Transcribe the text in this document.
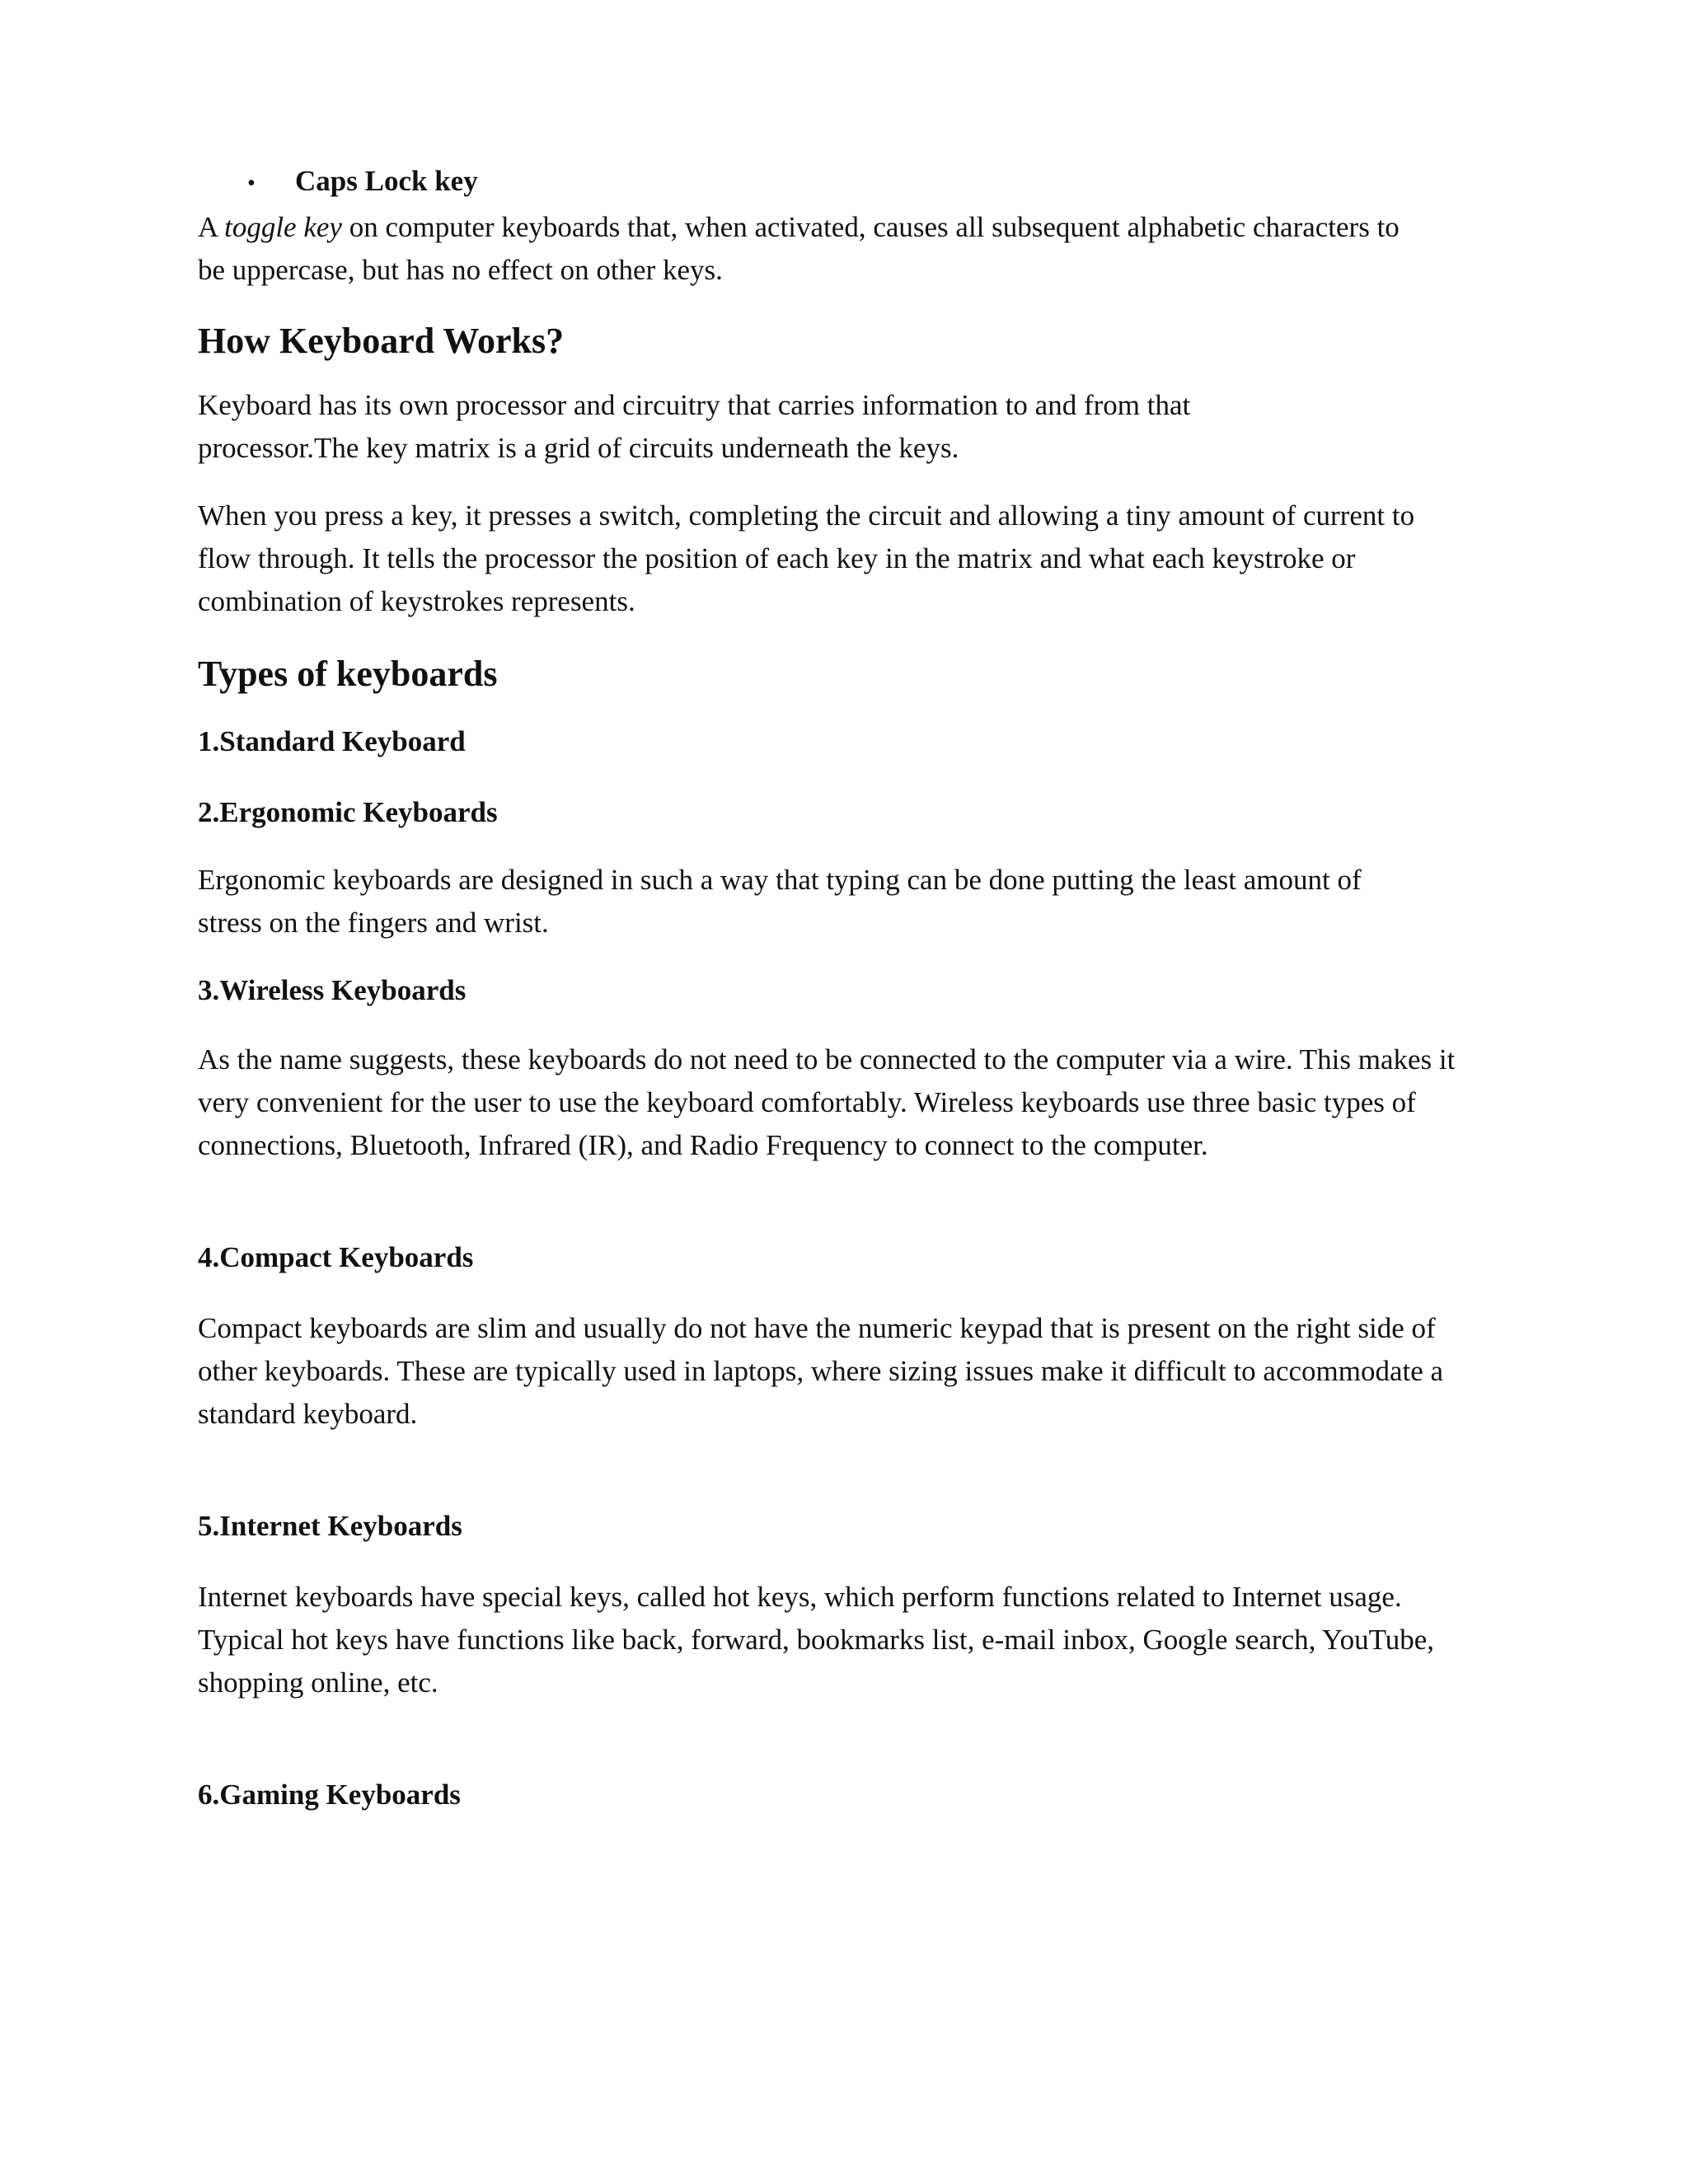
•	Caps Lock key

A toggle key on computer keyboards that, when activated, causes all subsequent alphabetic characters to be uppercase, but has no effect on other keys.

How Keyboard Works?

Keyboard has its own processor and circuitry that carries information to and from that processor.The key matrix is a grid of circuits underneath the keys.

When you press a key, it presses a switch, completing the circuit and allowing a tiny amount of current to flow through. It tells the processor the position of each key in the matrix and what each keystroke or combination of keystrokes represents.

Types of keyboards
1.Standard Keyboard
2.Ergonomic Keyboards

Ergonomic keyboards are designed in such a way that typing can be done putting the least amount of stress on the fingers and wrist.

3.Wireless Keyboards

As the name suggests, these keyboards do not need to be connected to the computer via a wire. This makes it very convenient for the user to use the keyboard comfortably. Wireless keyboards use three basic types of connections, Bluetooth, Infrared (IR), and Radio Frequency to connect to the computer.

4.Compact Keyboards

Compact keyboards are slim and usually do not have the numeric keypad that is present on the right side of other keyboards. These are typically used in laptops, where sizing issues make it difficult to accommodate a standard keyboard.

5.Internet Keyboards

Internet keyboards have special keys, called hot keys, which perform functions related to Internet usage. Typical hot keys have functions like back, forward, bookmarks list, e-mail inbox, Google search, YouTube, shopping online, etc.

6.Gaming Keyboards
